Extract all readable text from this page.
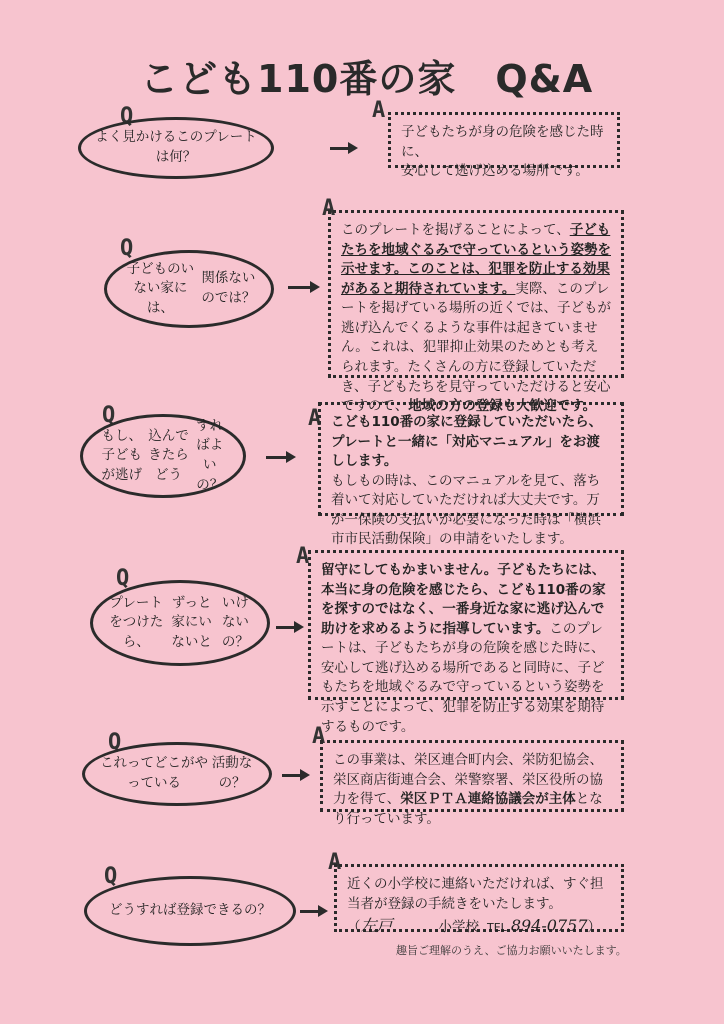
こども110番の家　Q&A
Q
よく見かけるこのプレートは何？
A

子どもたちが身の危険を感じた時に、

安心して逃げ込める場所です。

Q
子どものいない家には、
関係ないのでは？
A

このプレートを掲げることによって、子どもたちを地域ぐるみで守っているという姿勢を示せます。このことは、犯罪を防止する効果があると期待されています。実際、このプレートを掲げている場所の近くでは、子どもが逃げ込んでくるような事件は起きていません。これは、犯罪抑止効果のためとも考えられます。たくさんの方に登録していただき、子どもたちを見守っていただけると安心ですので、地域の方の登録も大歓迎です。

Q
もし、子どもが逃げ
込んできたらどう
すればよいの？
A こども110番の家に登録していただいたら、プレートと一緒に「対応マニュアル」をお渡しします。

もしもの時は、このマニュアルを見て、落ち着いて対応していただければ大丈夫です。万が一保険の支払いが必要になった時は「横浜市市民活動保険」の申請をいたします。

Q
プレートをつけたら、
ずっと家にいないと
いけないの？
A

留守にしてもかまいません。子どもたちには、本当に身の危険を感じたら、こども110番の家を探すのではなく、一番身近な家に逃げ込んで助けを求めるように指導しています。このプレートは、子どもたちが身の危険を感じた時に、安心して逃げ込める場所であると同時に、子どもたちを地域ぐるみで守っているという姿勢を示すことによって、犯罪を防止する効果を期待するものです。

Q
これってどこがやっている
活動なの？
A

この事業は、栄区連合町内会、栄防犯協会、栄区商店街連合会、栄警察署、栄区役所の協力を得て、栄区ＰＴＡ連絡協議会が主体となり行っています。

Q
どうすれば登録できるの？
A

近くの小学校に連絡いただければ、すぐ担当者が登録の手続きをいたします。

（左戸	小学校 TEL 894-0757）

趣旨ご理解のうえ、ご協力お願いいたします。
